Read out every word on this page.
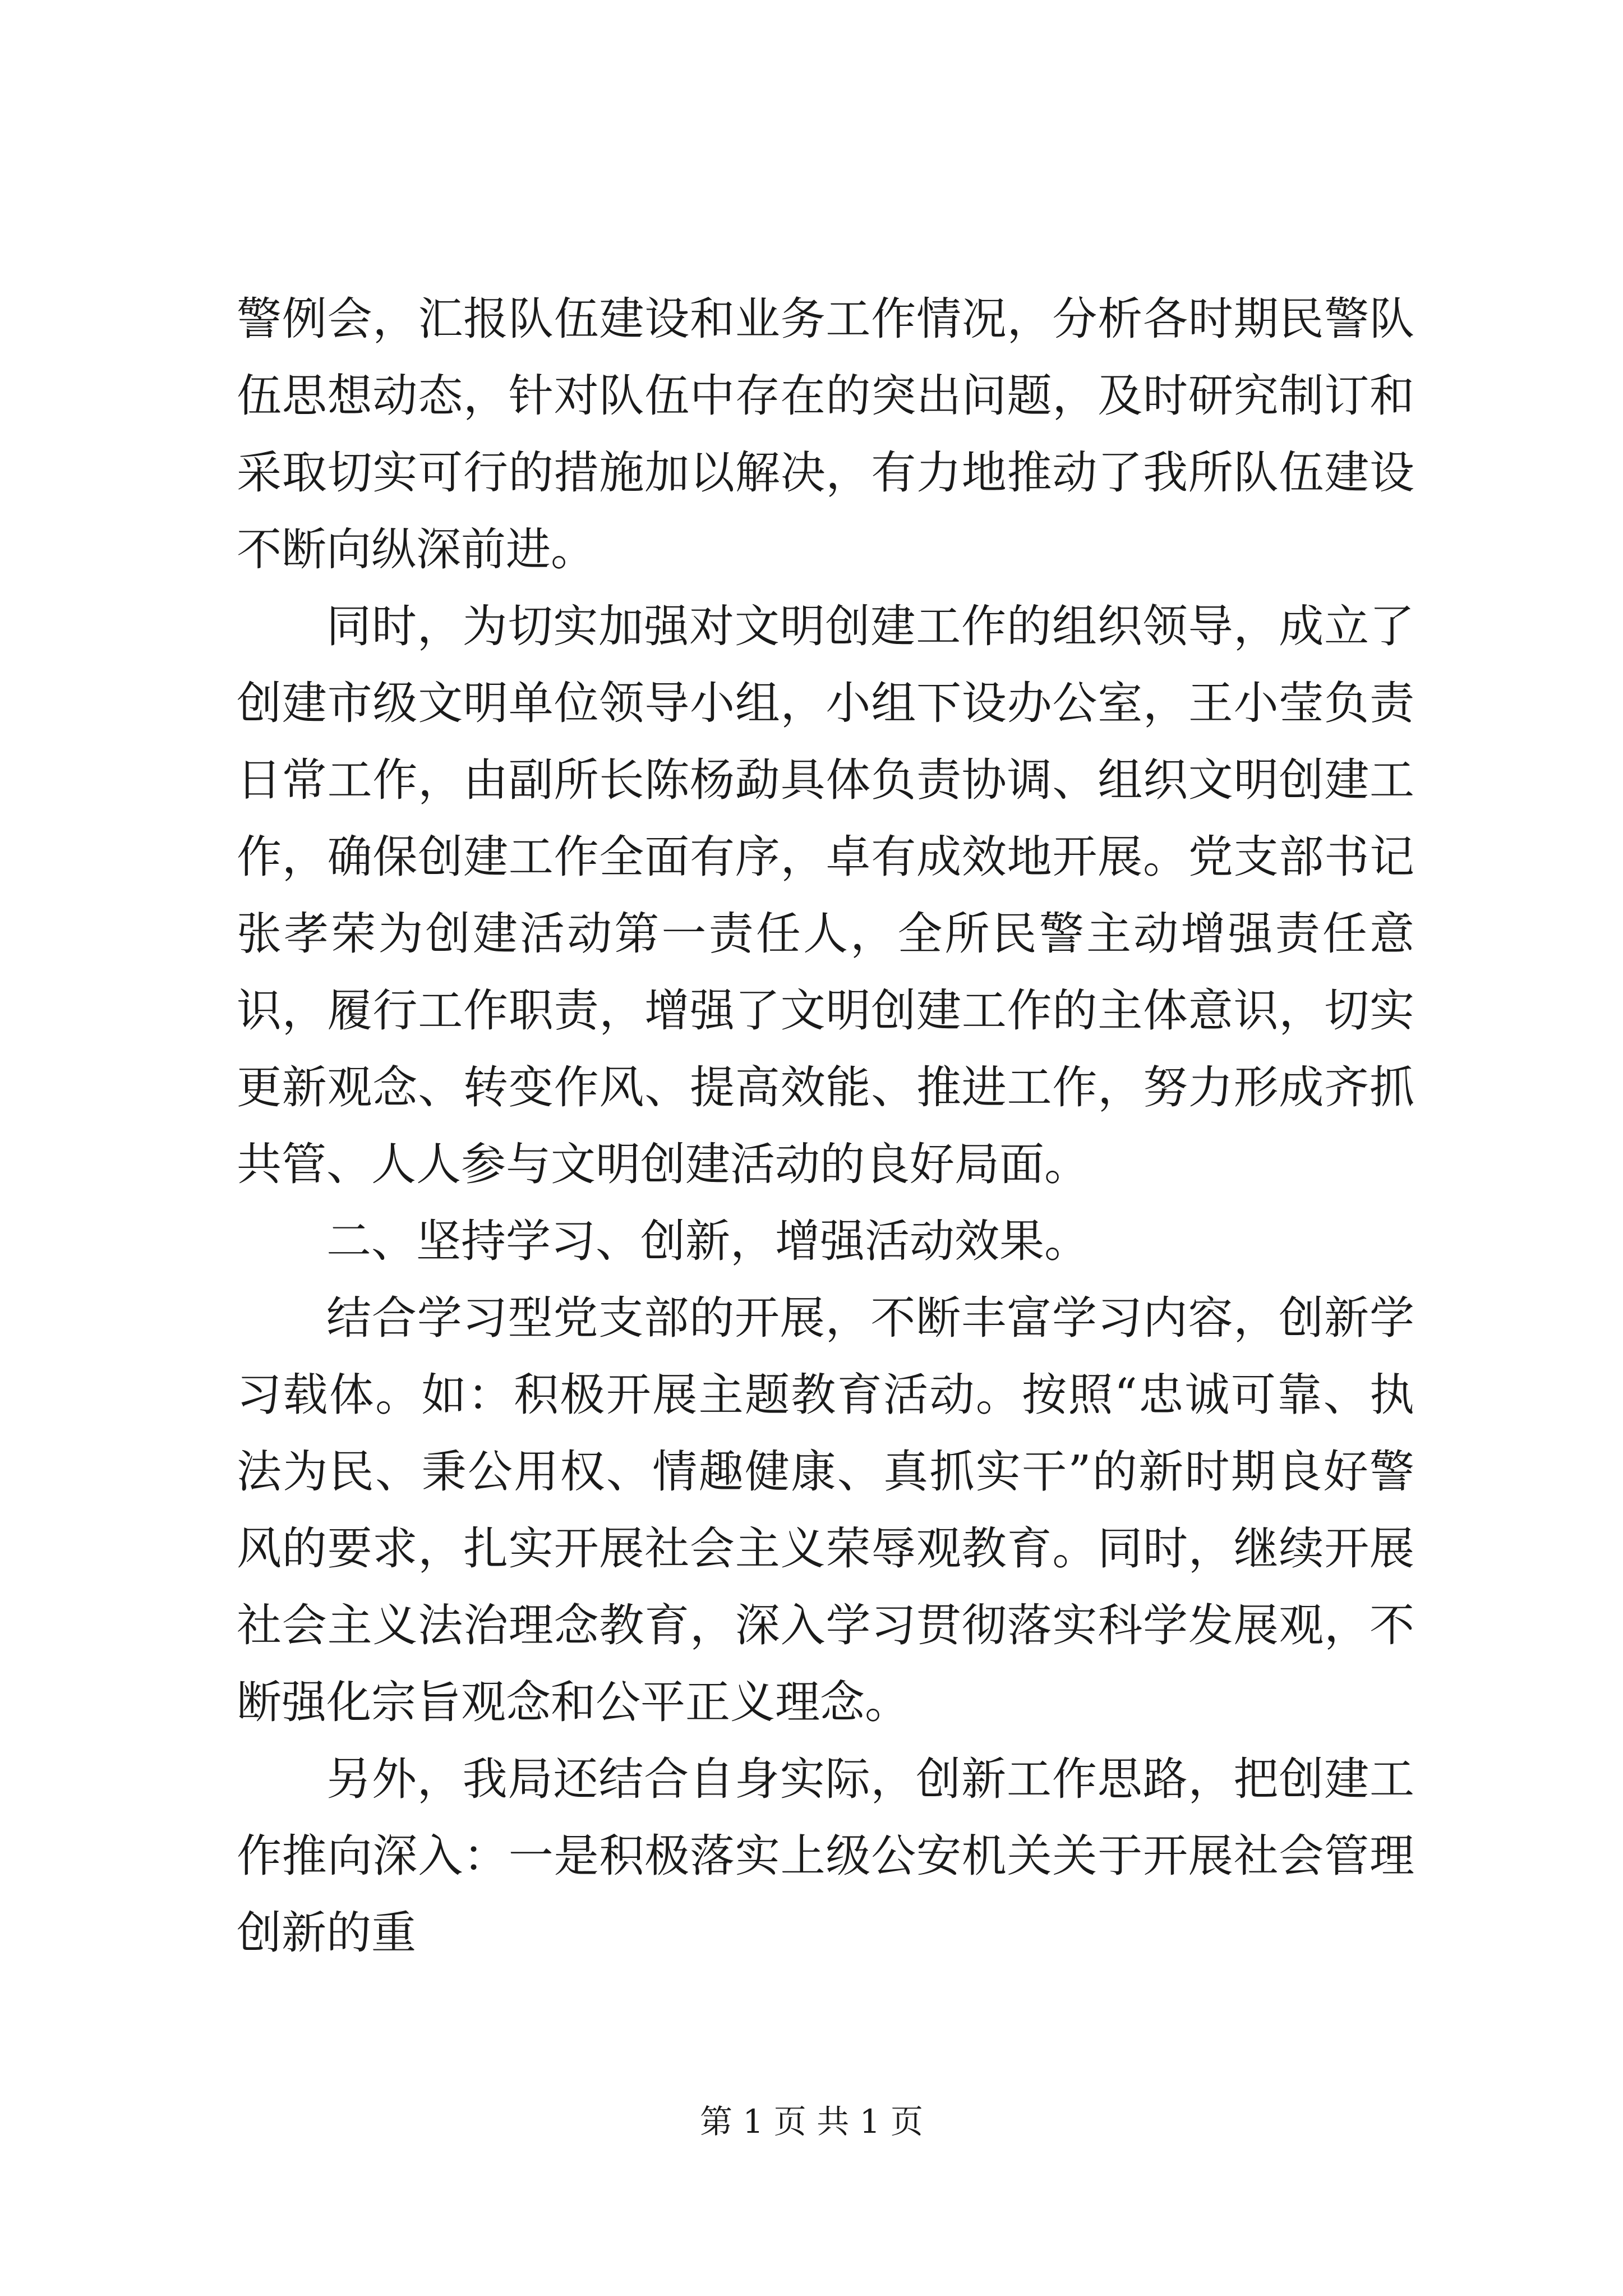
警例会，汇报队伍建设和业务工作情况，分析各时期民警队伍思想动态，针对队伍中存在的突出问题，及时研究制订和采取切实可行的措施加以解决，有力地推动了我所队伍建设不断向纵深前进。

同时，为切实加强对文明创建工作的组织领导，成立了创建市级文明单位领导小组，小组下设办公室，王小莹负责日常工作，由副所长陈杨勐具体负责协调、组织文明创建工作，确保创建工作全面有序，卓有成效地开展。党支部书记张孝荣为创建活动第一责任人，全所民警主动增强责任意识，履行工作职责，增强了文明创建工作的主体意识，切实更新观念、转变作风、提高效能、推进工作，努力形成齐抓共管、人人参与文明创建活动的良好局面。

二、坚持学习、创新，增强活动效果。

结合学习型党支部的开展，不断丰富学习内容，创新学习载体。如：积极开展主题教育活动。按照“忠诚可靠、执法为民、秉公用权、情趣健康、真抓实干”的新时期良好警风的要求，扎实开展社会主义荣辱观教育。同时，继续开展社会主义法治理念教育，深入学习贯彻落实科学发展观，不断强化宗旨观念和公平正义理念。

另外，我局还结合自身实际，创新工作思路，把创建工作推向深入：一是积极落实上级公安机关关于开展社会管理创新的重

第 1 页 共 1 页
